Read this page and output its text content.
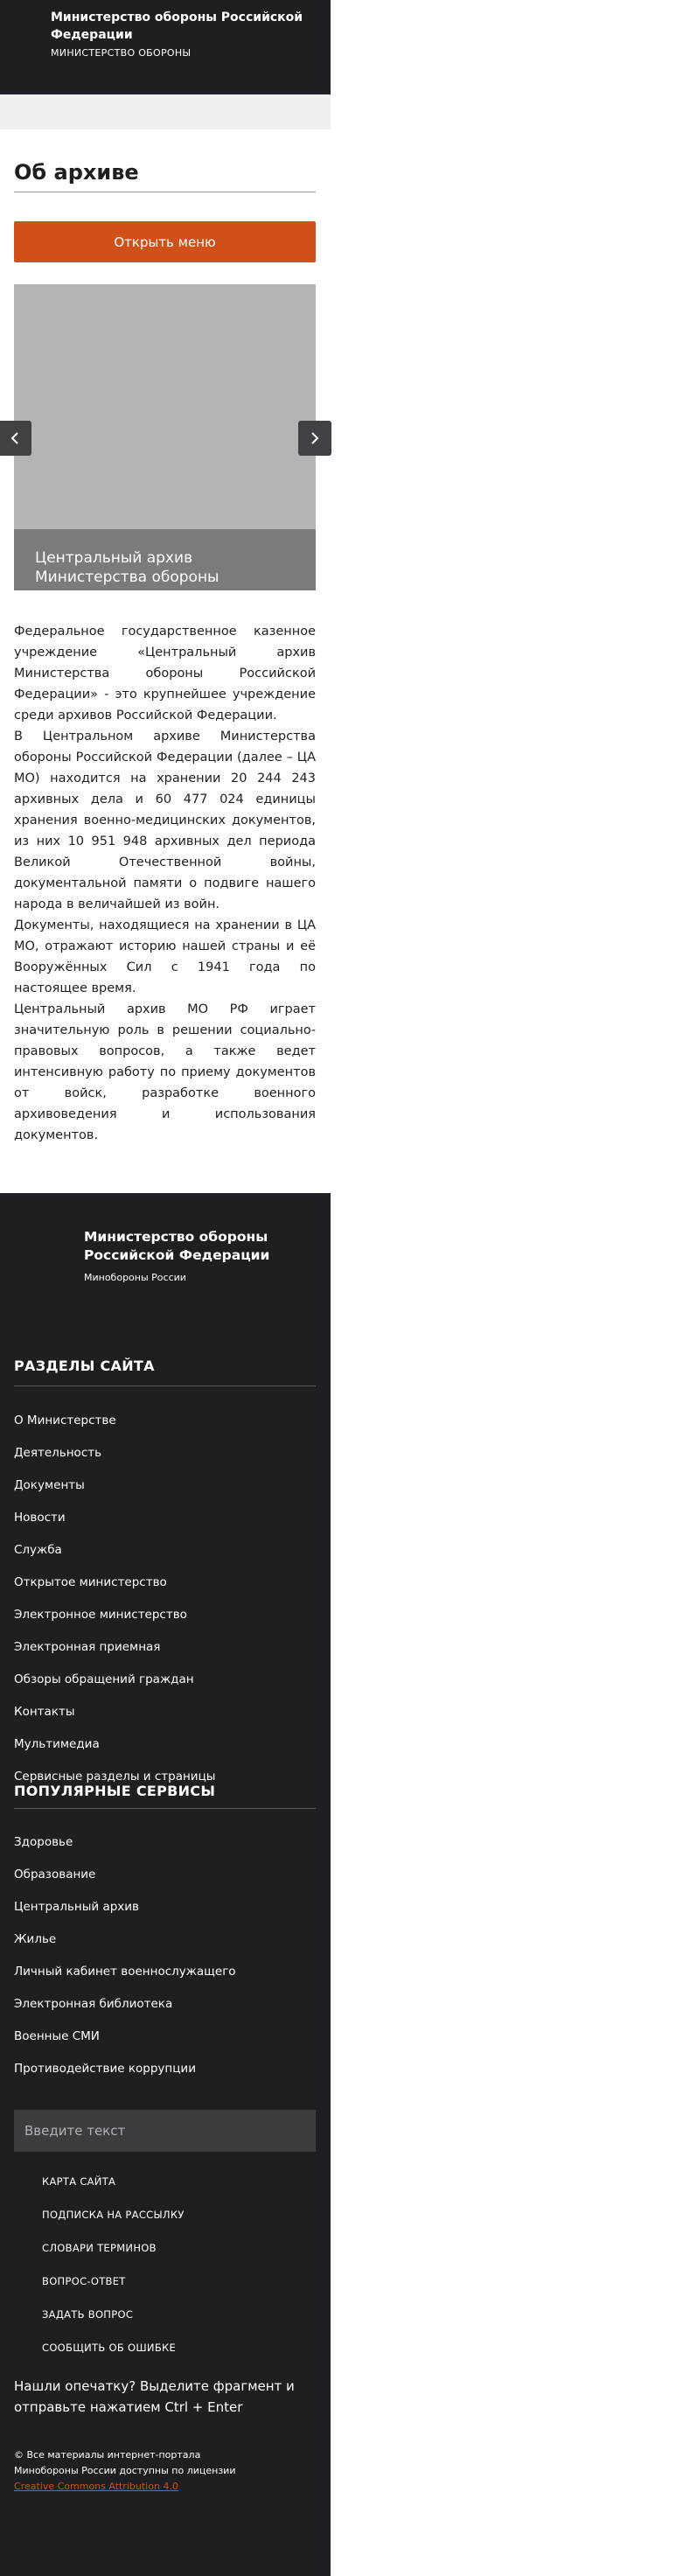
Министерство обороны Российской Федерации
МИНИСТЕРСТВО ОБОРОНЫ
Об архиве
Открыть меню
Центральный архив Министерства обороны

Федеральное государственное казенное учреждение «Центральный архив Министерства обороны Российской Федерации» - это крупнейшее учреждение среди архивов Российской Федерации.

В Центральном архиве Министерства обороны Российской Федерации (далее – ЦА МО) находится на хранении 20 244 243 архивных дела и 60 477 024 единицы хранения военно-медицинских документов, из них 10 951 948 архивных дел периода Великой Отечественной войны, документальной памяти о подвиге нашего народа в величайшей из войн.

Документы, находящиеся на хранении в ЦА МО, отражают историю нашей страны и её Вооружённых Сил с 1941 года по настоящее время.

Центральный архив МО РФ играет значительную роль в решении социально-правовых вопросов, а также ведет интенсивную работу по приему документов от войск, разработке военного архивоведения и использования документов.

Министерство обороны Российской Федерации
Минобороны России
РАЗДЕЛЫ САЙТА
О Министерстве
Деятельность
Документы
Новости
Служба
Открытое министерство
Электронное министерство
Электронная приемная
Обзоры обращений граждан
Контакты
Мультимедиа
Сервисные разделы и страницы
ПОПУЛЯРНЫЕ СЕРВИСЫ
Здоровье
Образование
Центральный архив
Жилье
Личный кабинет военнослужащего
Электронная библиотека
Военные СМИ
Противодействие коррупции
Введите текст
КАРТА САЙТА
ПОДПИСКА НА РАССЫЛКУ
СЛОВАРИ ТЕРМИНОВ
ВОПРОС-ОТВЕТ
ЗАДАТЬ ВОПРОС
СООБЩИТЬ ОБ ОШИБКЕ
Нашли опечатку? Выделите фрагмент и отправьте нажатием Ctrl + Enter
© Все материалы интернет-портала
Минобороны России доступны по лицензии
Creative Commons Attribution 4.0
